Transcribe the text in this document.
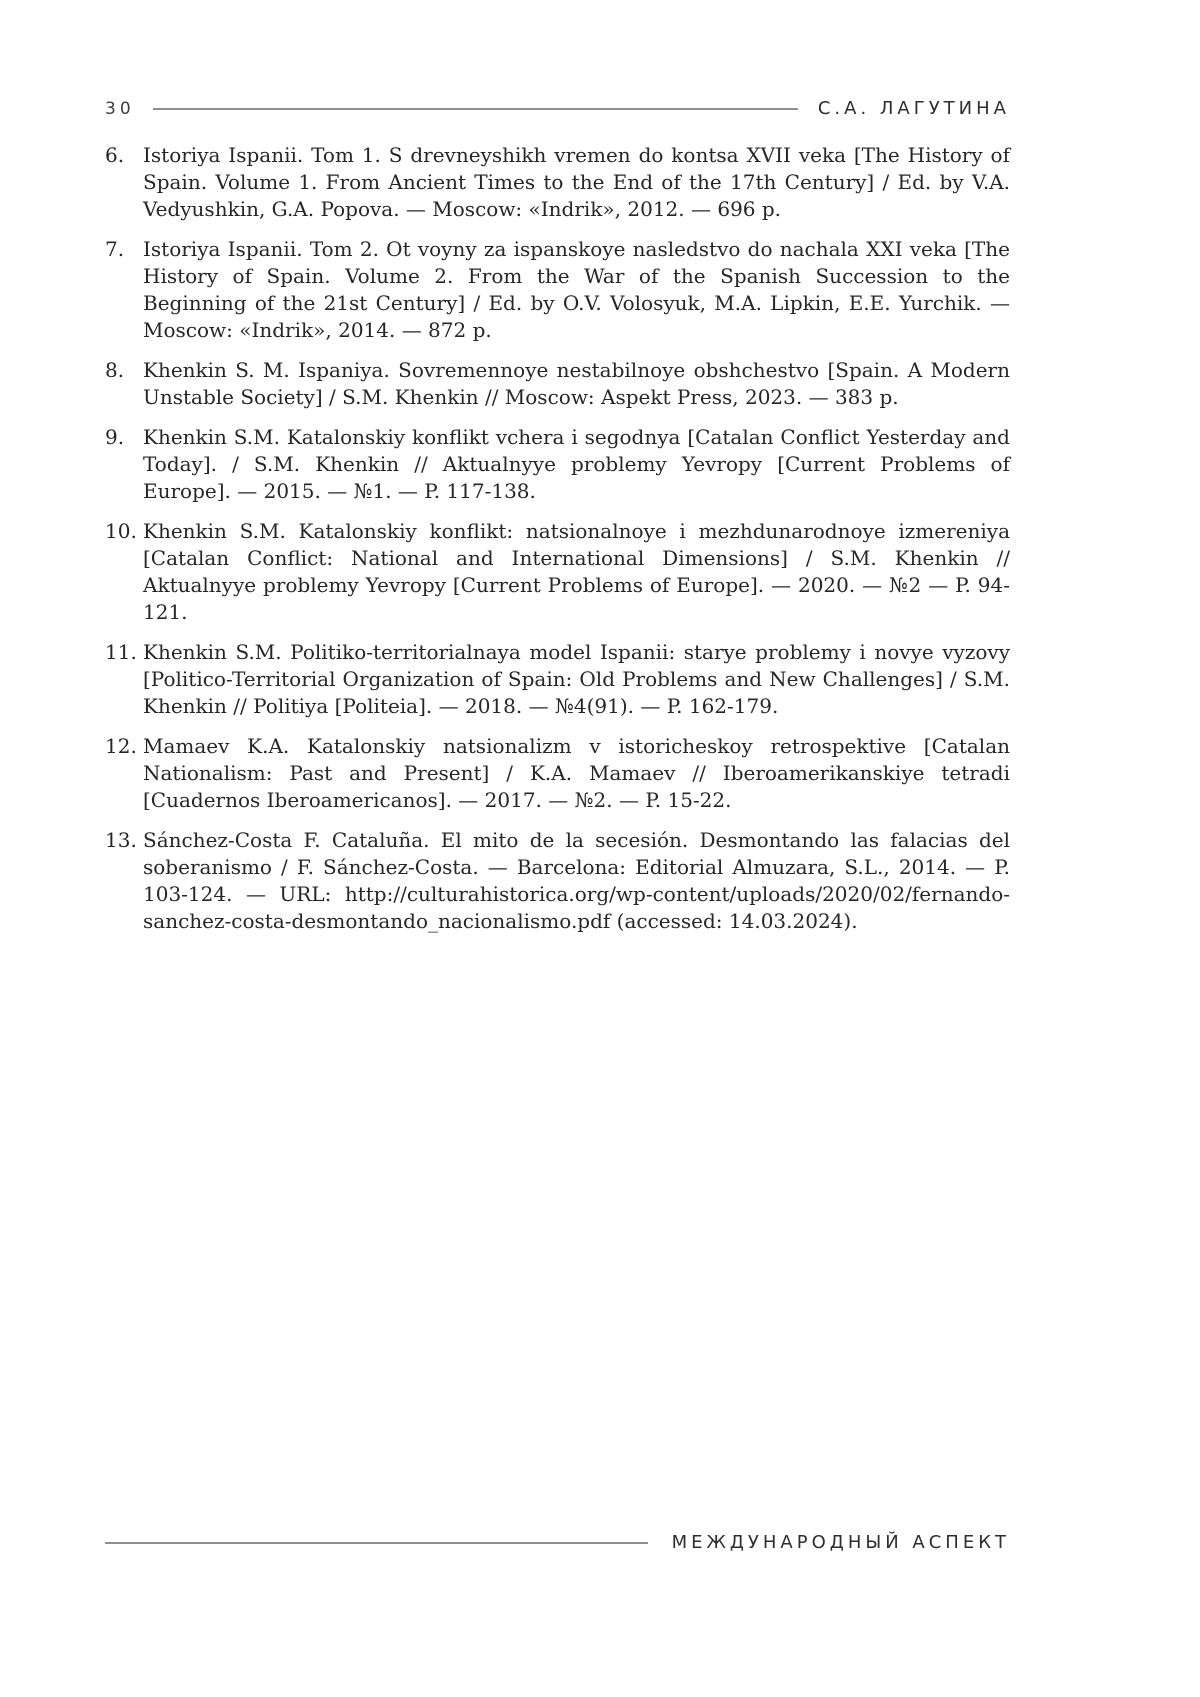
30	С.А. ЛАГУТИНА
6. Istoriya Ispanii. Tom 1. S drevneyshikh vremen do kontsa XVII veka [The History of Spain. Volume 1. From Ancient Times to the End of the 17th Century] / Ed. by V.A. Vedyushkin, G.A. Popova. — Moscow: «Indrik», 2012. — 696 p.
7. Istoriya Ispanii. Tom 2. Ot voyny za ispanskoye nasledstvo do nachala XXI veka [The History of Spain. Volume 2. From the War of the Spanish Succession to the Beginning of the 21st Century] / Ed. by O.V. Volosyuk, M.A. Lipkin, E.E. Yurchik. — Moscow: «Indrik», 2014. — 872 p.
8. Khenkin S. M. Ispaniya. Sovremennoye nestabilnoye obshchestvo [Spain. A Modern Unstable Society] / S.M. Khenkin // Moscow: Aspekt Press, 2023. — 383 p.
9. Khenkin S.M. Katalonskiy konflikt vchera i segodnya [Catalan Conflict Yesterday and Today]. / S.M. Khenkin // Aktualnyye problemy Yevropy [Current Problems of Europe]. — 2015. — №1. — P. 117-138.
10. Khenkin S.M. Katalonskiy konflikt: natsionalnoye i mezhdunarodnoye izmereniya [Catalan Conflict: National and International Dimensions] / S.M. Khenkin // Aktualnyye problemy Yevropy [Current Problems of Europe]. — 2020. — №2 — P. 94-121.
11. Khenkin S.M. Politiko-territorialnaya model Ispanii: starye problemy i novye vyzovy [Politico-Territorial Organization of Spain: Old Problems and New Challenges] / S.M. Khenkin // Politiya [Politeia]. — 2018. — №4(91). — P. 162-179.
12. Mamaev K.A. Katalonskiy natsionalizm v istoricheskoy retrospektive [Catalan Nationalism: Past and Present] / K.A. Mamaev // Iberoamerikanskiye tetradi [Cuadernos Iberoamericanos]. — 2017. — №2. — P. 15-22.
13. Sánchez-Costa F. Cataluña. El mito de la secesión. Desmontando las falacias del soberanismo / F. Sánchez-Costa. — Barcelona: Editorial Almuzara, S.L., 2014. — P. 103-124. — URL: http://culturahistorica.org/wp-content/uploads/2020/02/fernando-sanchez-costa-desmontando_nacionalismo.pdf (accessed: 14.03.2024).
МЕЖДУНАРОДНЫЙ АСПЕКТ
